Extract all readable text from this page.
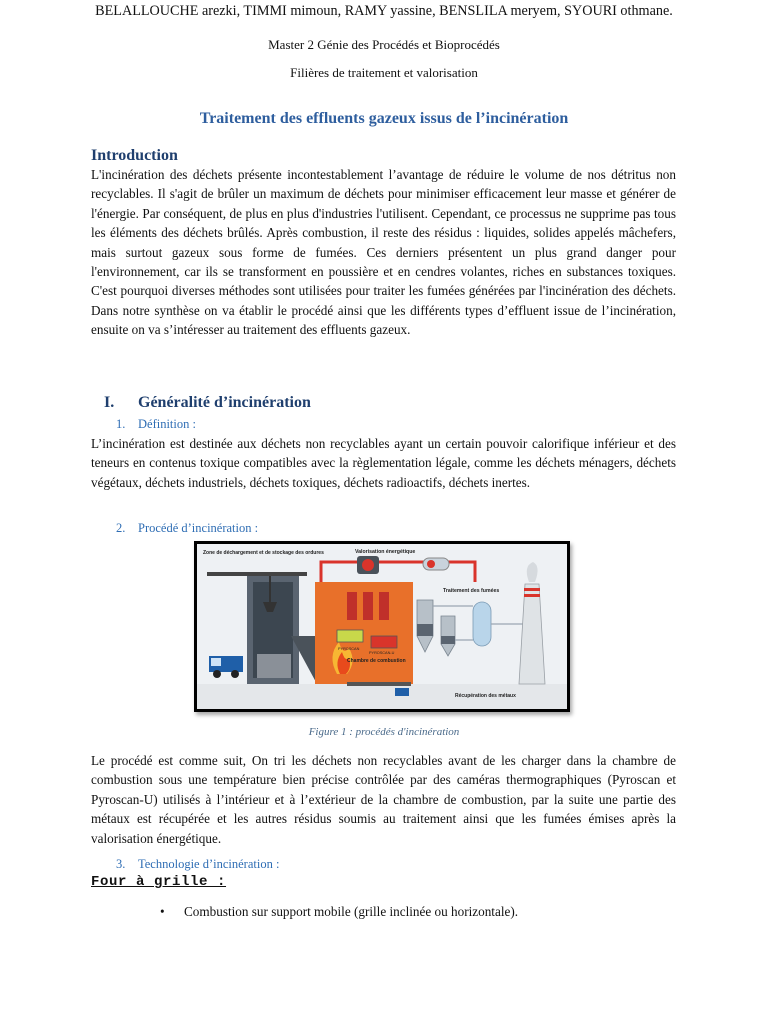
BELALLOUCHE arezki, TIMMI mimoun, RAMY yassine, BENSLILA meryem, SYOURI othmane.
Master 2 Génie des Procédés et Bioprocédés
Filières de traitement et valorisation
Traitement des effluents gazeux issus de l’incinération
Introduction
L'incinération des déchets présente incontestablement l’avantage de réduire le volume de nos détritus non recyclables. Il s'agit de brûler un maximum de déchets pour minimiser efficacement leur masse et générer de l'énergie. Par conséquent, de plus en plus d'industries l'utilisent. Cependant, ce processus ne supprime pas tous les éléments des déchets brûlés. Après combustion, il reste des résidus : liquides, solides appelés mâchefers, mais surtout gazeux sous forme de fumées. Ces derniers présentent un plus grand danger pour l'environnement, car ils se transforment en poussière et en cendres volantes, riches en substances toxiques. C'est pourquoi diverses méthodes sont utilisées pour traiter les fumées générées par l'incinération des déchets. Dans notre synthèse on va établir le procédé ainsi que les différents types d’effluent issue de l’incinération, ensuite on va s’intéresser au traitement des effluents gazeux.
I. Généralité d’incinération
1. Définition :
L’incinération est destinée aux déchets non recyclables ayant un certain pouvoir calorifique inférieur et des teneurs en contenus toxique compatibles avec la règlementation légale, comme les déchets ménagers, déchets végétaux, déchets industriels, déchets toxiques, déchets radioactifs, déchets inertes.
2. Procédé d’incinération :
Zone de déchargement et de stockage des ordures	Valorisation énergétique
Traitement des fumées
Chambre de combustion
PYROSCAN
PYROSCAN-U
Récupération des métaux
Figure 1 : procédés d'incinération
Le procédé est comme suit, On tri les déchets non recyclables avant de les charger dans la chambre de combustion sous une température bien précise contrôlée par des caméras thermographiques (Pyroscan et Pyroscan-U) utilisés à l’intérieur et à l’extérieur de la chambre de combustion, par la suite une partie des métaux est récupérée et les autres résidus soumis au traitement ainsi que les fumées émises après la valorisation énergétique.
3. Technologie d’incinération :
Four à grille :
• Combustion sur support mobile (grille inclinée ou horizontale).
